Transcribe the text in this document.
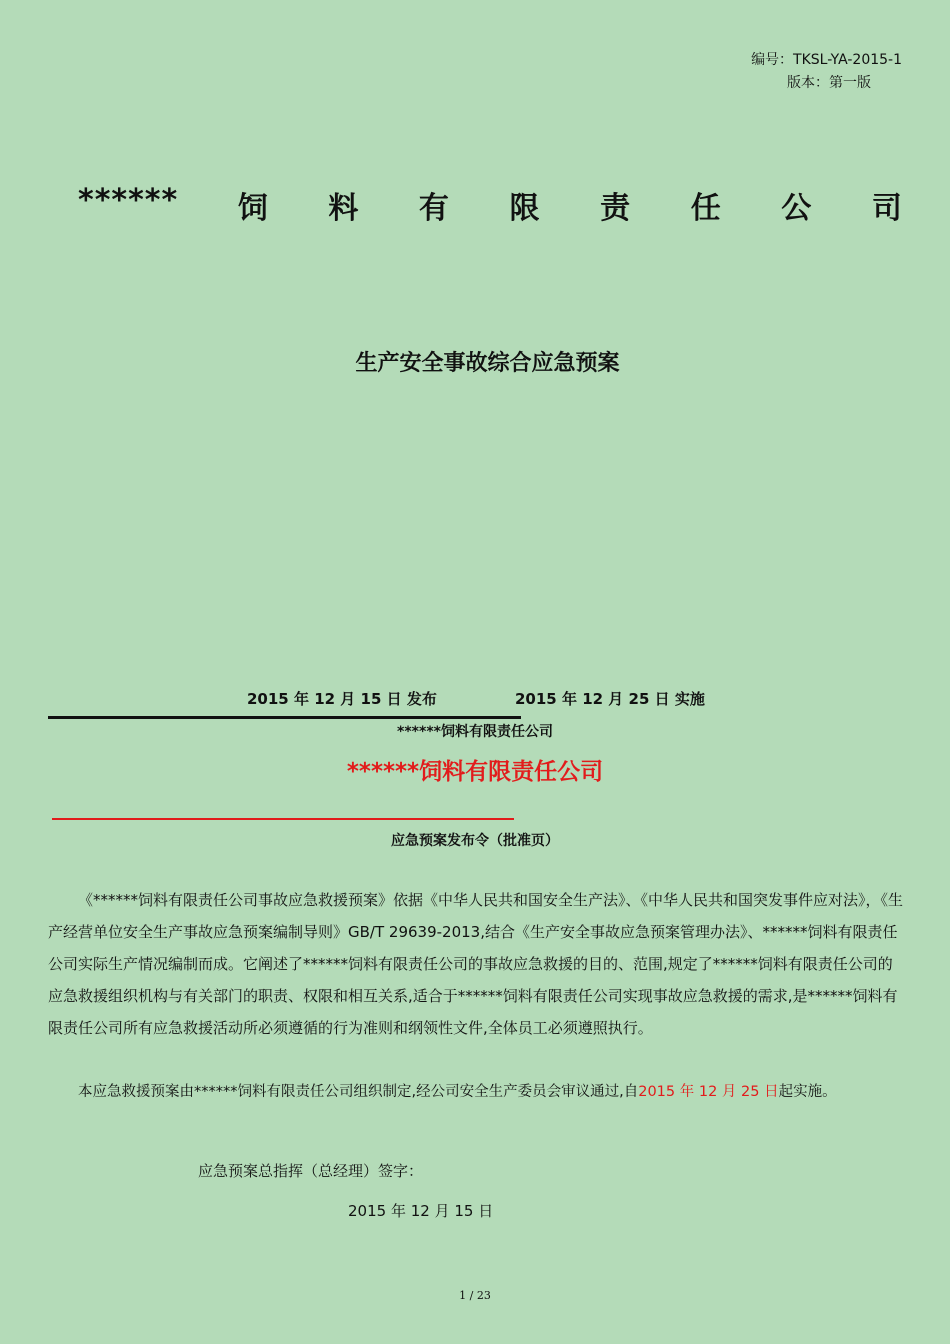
编号：TKSL-YA-2015-1
版本：第一版
****** 饲 料 有 限 责 任 公 司
生产安全事故综合应急预案
2015 年 12 月 15 日 发布	2015 年 12 月 25 日 实施
******饲料有限责任公司
******饲料有限责任公司
应急预案发布令（批准页）
《******饲料有限责任公司事故应急救援预案》依据《中华人民共和国安全生产法》、《中华人民共和国突发事件应对法》，《生产经营单位安全生产事故应急预案编制导则》GB/T 29639-2013,结合《生产安全事故应急预案管理办法》、******饲料有限责任公司实际生产情况编制而成。它阐述了******饲料有限责任公司的事故应急救援的目的、范围,规定了******饲料有限责任公司的应急救援组织机构与有关部门的职责、权限和相互关系,适合于******饲料有限责任公司实现事故应急救援的需求,是******饲料有限责任公司所有应急救援活动所必须遵循的行为准则和纲领性文件,全体员工必须遵照执行。
本应急救援预案由******饲料有限责任公司组织制定,经公司安全生产委员会审议通过,自2015 年 12 月 25 日起实施。
应急预案总指挥（总经理）签字：
2015 年 12 月 15 日
1 / 23
